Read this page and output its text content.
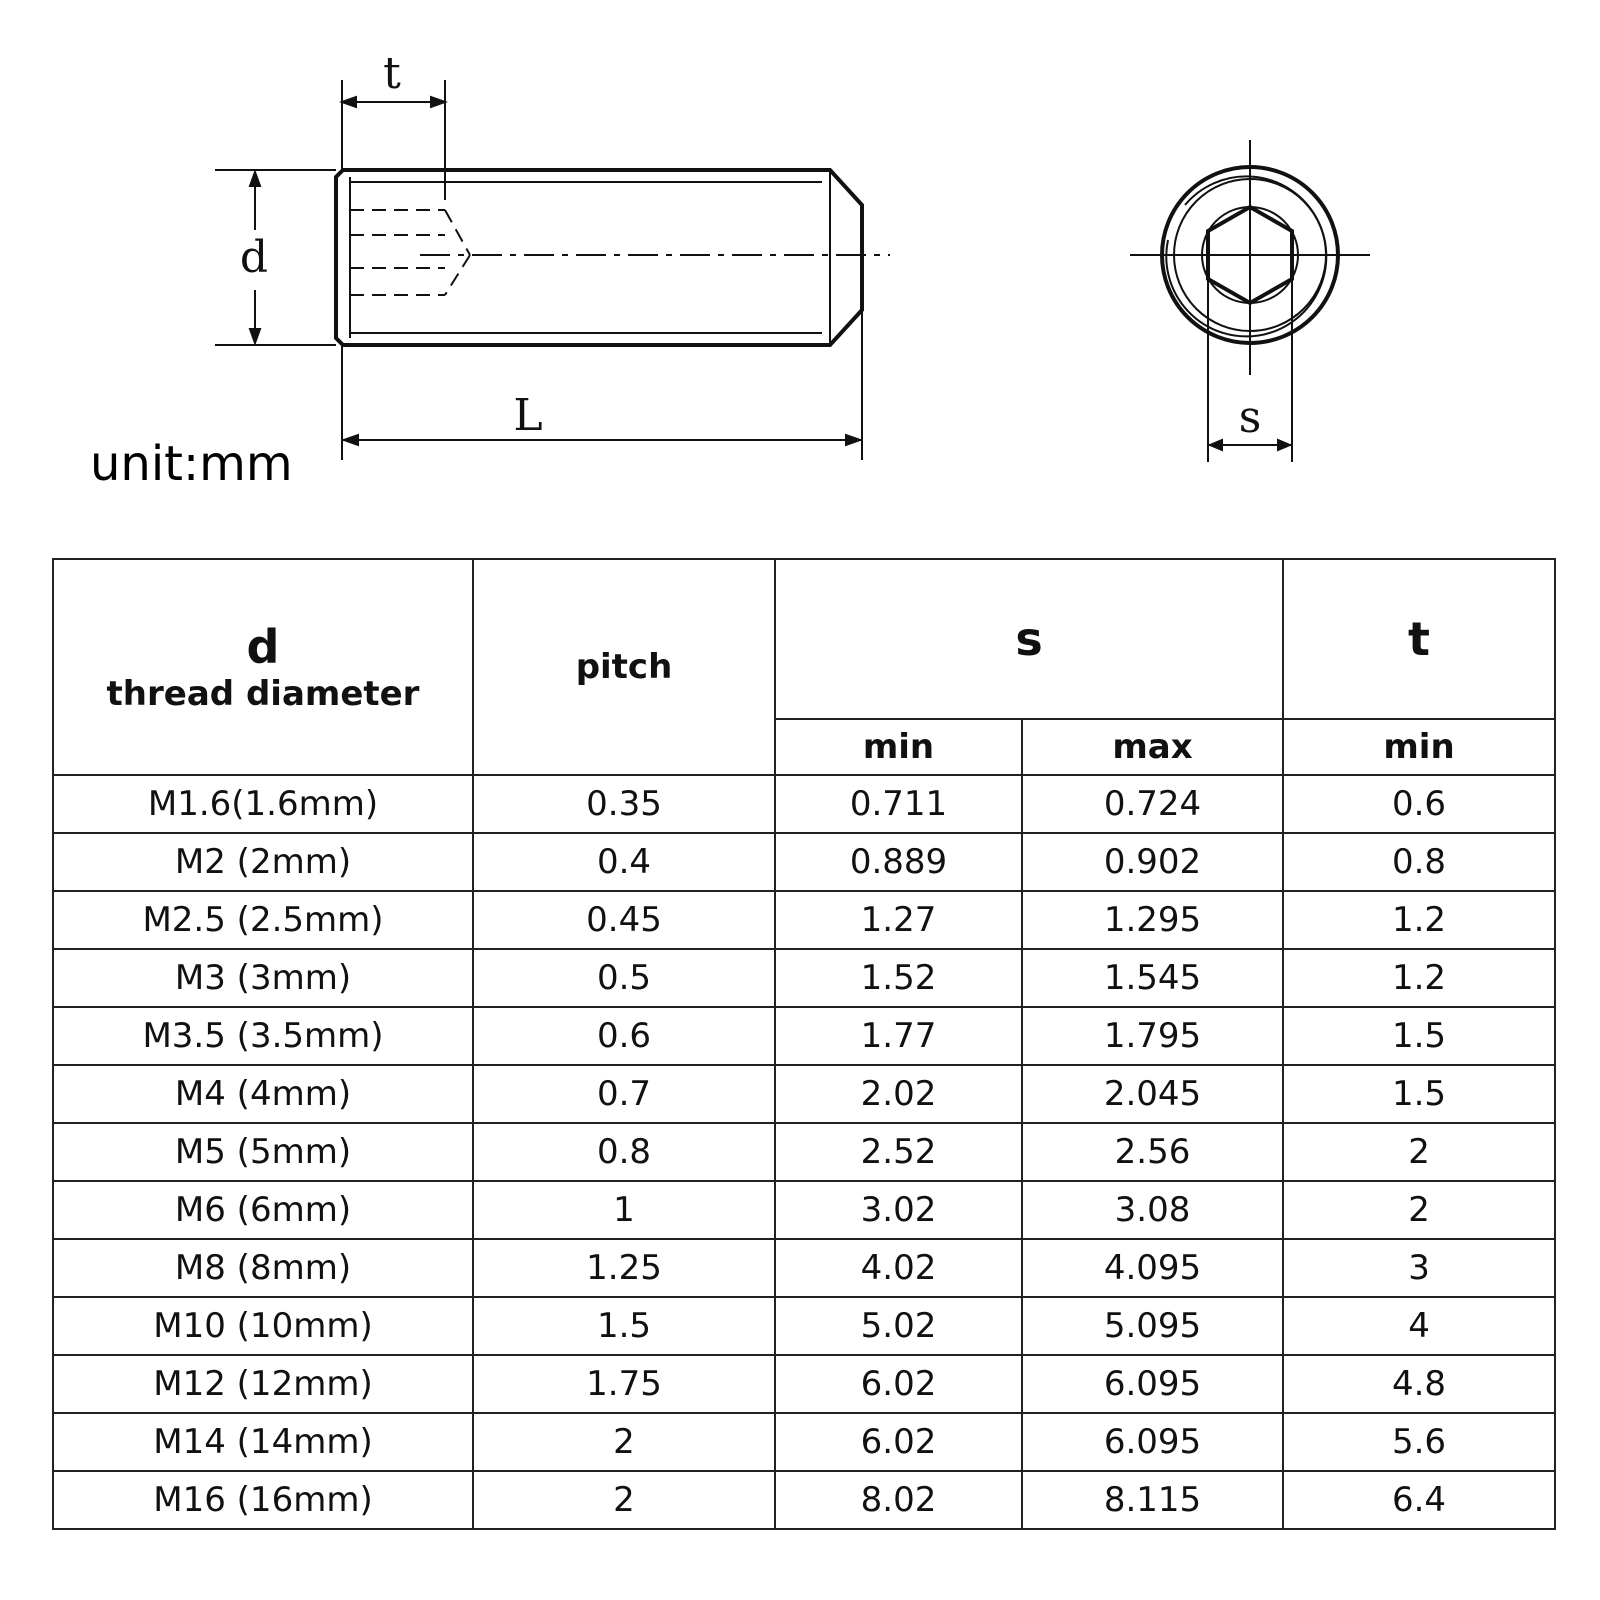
t
d
L	s
unit:mm
d
thread diameter	pitch	s		t

		min	max	min
M1.6(1.6mm)	0.35	0.711	0.724	0.6
M2 (2mm)	0.4	0.889	0.902	0.8
M2.5 (2.5mm)	0.45	1.27	1.295	1.2
M3 (3mm)	0.5	1.52	1.545	1.2
M3.5 (3.5mm)	0.6	1.77	1.795	1.5
M4 (4mm)	0.7	2.02	2.045	1.5
M5 (5mm)	0.8	2.52	2.56	2
M6 (6mm)	1	3.02	3.08	2
M8 (8mm)	1.25	4.02	4.095	3
M10 (10mm)	1.5	5.02	5.095	4
M12 (12mm)	1.75	6.02	6.095	4.8
M14 (14mm)	2	6.02	6.095	5.6
M16 (16mm)	2	8.02	8.115	6.4
